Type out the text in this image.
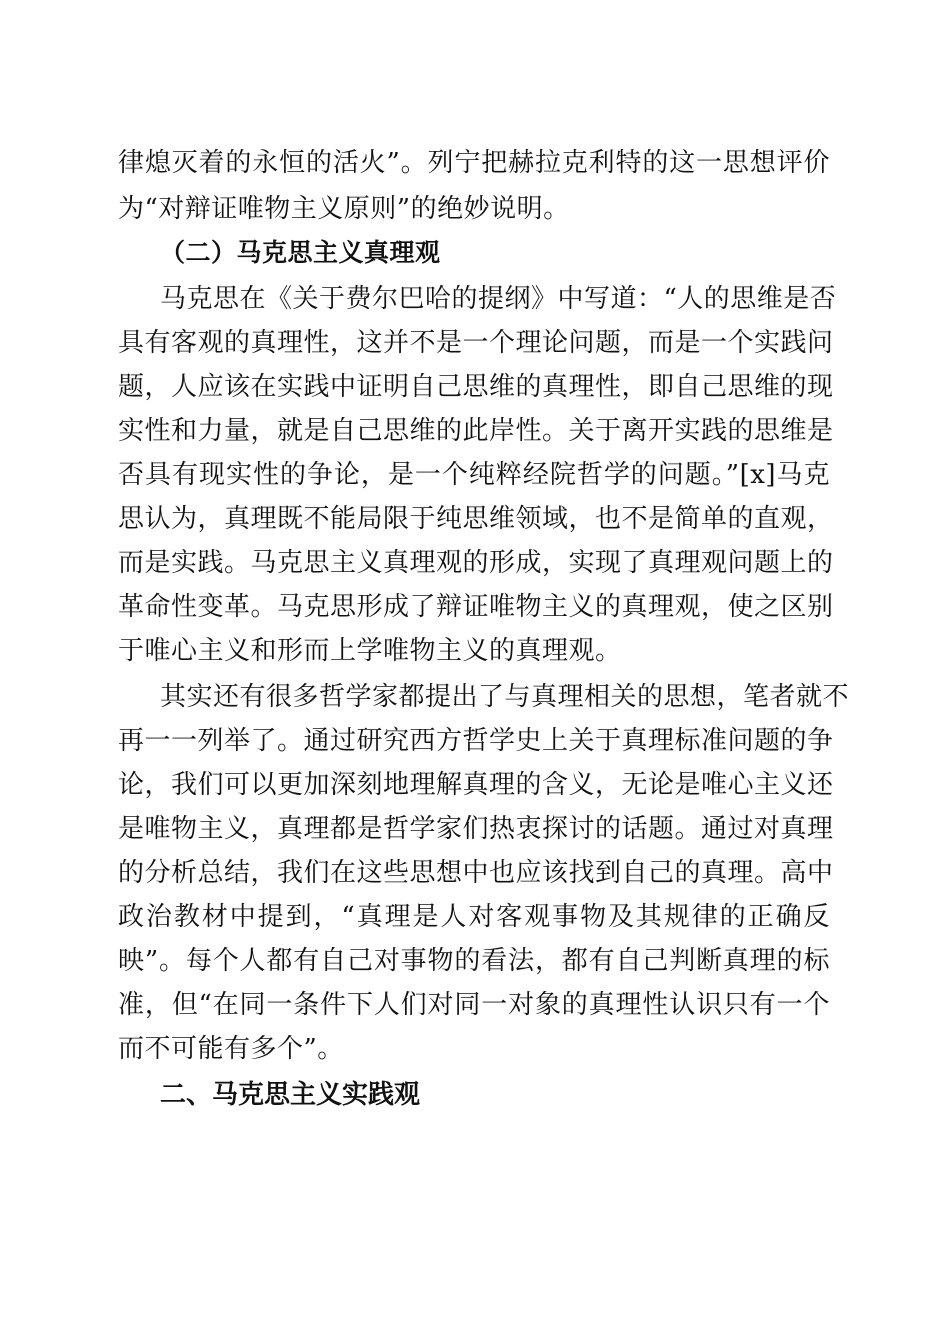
律熄灭着的永恒的活火”。列宁把赫拉克利特的这一思想评价
为“对辩证唯物主义原则”的绝妙说明。
（二）马克思主义真理观
马克思在《关于费尔巴哈的提纲》中写道：“人的思维是否
具有客观的真理性，这并不是一个理论问题，而是一个实践问
题，人应该在实践中证明自己思维的真理性，即自己思维的现
实性和力量，就是自己思维的此岸性。关于离开实践的思维是
否具有现实性的争论，是一个纯粹经院哲学的问题。”[x]马克
思认为，真理既不能局限于纯思维领域，也不是简单的直观，
而是实践。马克思主义真理观的形成，实现了真理观问题上的
革命性变革。马克思形成了辩证唯物主义的真理观，使之区别
于唯心主义和形而上学唯物主义的真理观。
其实还有很多哲学家都提出了与真理相关的思想，笔者就不
再一一列举了。通过研究西方哲学史上关于真理标准问题的争
论，我们可以更加深刻地理解真理的含义，无论是唯心主义还
是唯物主义，真理都是哲学家们热衷探讨的话题。通过对真理
的分析总结，我们在这些思想中也应该找到自己的真理。高中
政治教材中提到，“真理是人对客观事物及其规律的正确反
映”。每个人都有自己对事物的看法，都有自己判断真理的标
准，但“在同一条件下人们对同一对象的真理性认识只有一个
而不可能有多个”。
二、马克思主义实践观
